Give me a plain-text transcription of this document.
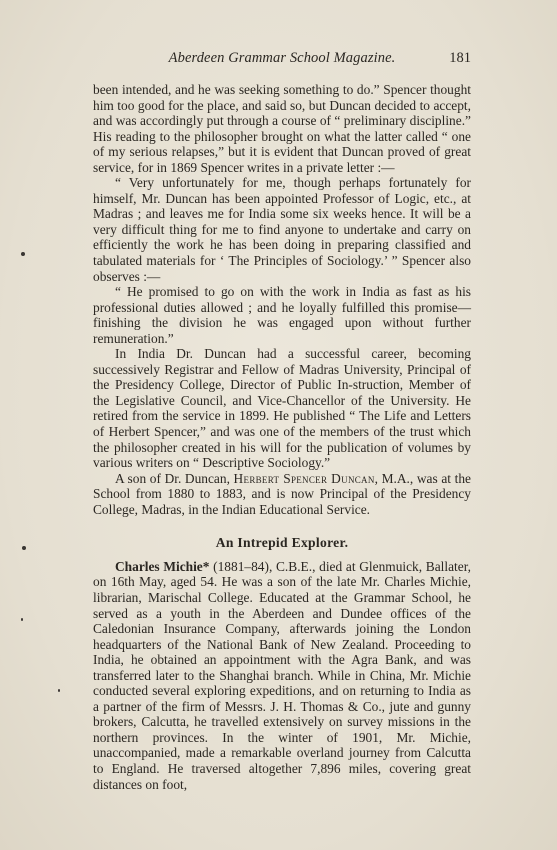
Aberdeen Grammar School Magazine.	181

been intended, and he was seeking something to do.” Spencer thought him too good for the place, and said so, but Duncan decided to accept, and was accordingly put through a course of “ preliminary discipline.” His reading to the philosopher brought on what the latter called “ one of my serious relapses,” but it is evident that Duncan proved of great service, for in 1869 Spencer writes in a private letter :—

“ Very unfortunately for me, though perhaps fortunately for himself, Mr. Duncan has been appointed Professor of Logic, etc., at Madras ; and leaves me for India some six weeks hence. It will be a very difficult thing for me to find anyone to undertake and carry on efficiently the work he has been doing in preparing classified and tabulated materials for ‘ The Principles of Sociology.’ ” Spencer also observes :—

“ He promised to go on with the work in India as fast as his professional duties allowed ; and he loyally fulfilled this promise—finishing the division he was engaged upon without further remuneration.”

In India Dr. Duncan had a successful career, becoming successively Registrar and Fellow of Madras University, Principal of the Presidency College, Director of Public In-struction, Member of the Legislative Council, and Vice-Chancellor of the University. He retired from the service in 1899. He published “ The Life and Letters of Herbert Spencer,” and was one of the members of the trust which the philosopher created in his will for the publication of volumes by various writers on “ Descriptive Sociology.”

A son of Dr. Duncan, Herbert Spencer Duncan, M.A., was at the School from 1880 to 1883, and is now Principal of the Presidency College, Madras, in the Indian Educational Service.

An Intrepid Explorer.

Charles Michie* (1881–84), C.B.E., died at Glenmuick, Ballater, on 16th May, aged 54. He was a son of the late Mr. Charles Michie, librarian, Marischal College. Educated at the Grammar School, he served as a youth in the Aberdeen and Dundee offices of the Caledonian Insurance Company, afterwards joining the London headquarters of the National Bank of New Zealand. Proceeding to India, he obtained an appointment with the Agra Bank, and was transferred later to the Shanghai branch. While in China, Mr. Michie conducted several exploring expeditions, and on returning to India as a partner of the firm of Messrs. J. H. Thomas & Co., jute and gunny brokers, Calcutta, he travelled extensively on survey missions in the northern provinces. In the winter of 1901, Mr. Michie, unaccompanied, made a remarkable overland journey from Calcutta to England. He traversed altogether 7,896 miles, covering great distances on foot,
